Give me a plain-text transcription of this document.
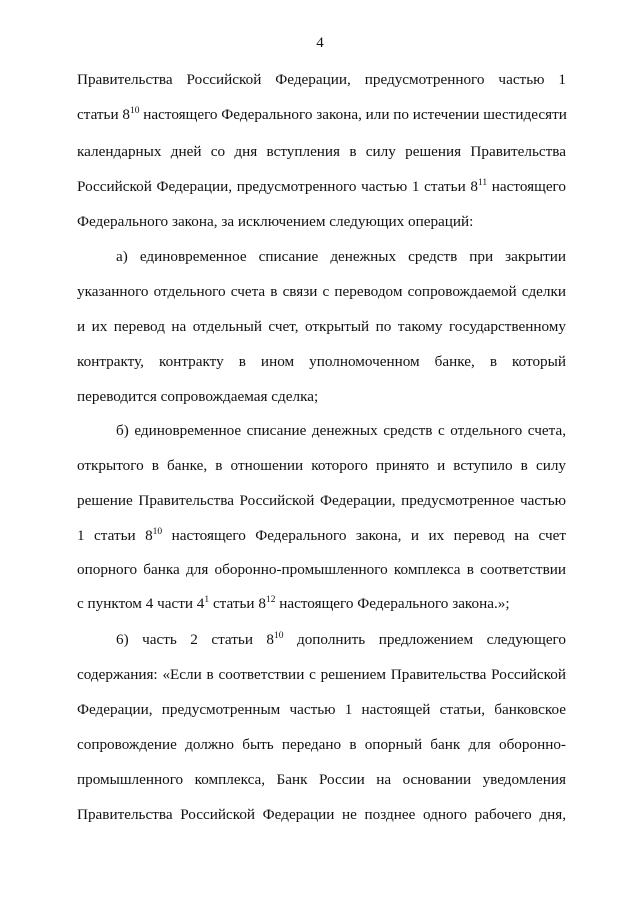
4
Правительства Российской Федерации, предусмотренного частью 1
статьи $8^{10}$ настоящего Федерального закона, или по истечении шестидесяти
календарных дней со дня вступления в силу решения Правительства
Российской Федерации, предусмотренного частью 1 статьи $8^{11}$ настоящего
Федерального закона, за исключением следующих операций:
а) единовременное списание денежных средств при закрытии
указанного отдельного счета в связи с переводом сопровождаемой сделки
и их перевод на отдельный счет, открытый по такому государственному
контракту, контракту в ином уполномоченном банке, в который
переводится сопровождаемая сделка;
б) единовременное списание денежных средств с отдельного счета,
открытого в банке, в отношении которого принято и вступило в силу
решение Правительства Российской Федерации, предусмотренное частью
1 статьи $8^{10}$ настоящего Федерального закона, и их перевод на счет
опорного банка для оборонно-промышленного комплекса в соответствии
с пунктом 4 части $4^1$ статьи $8^{12}$ настоящего Федерального закона.»;
6) часть 2 статьи $8^{10}$ дополнить предложением следующего
содержания: «Если в соответствии с решением Правительства Российской
Федерации, предусмотренным частью 1 настоящей статьи, банковское
сопровождение должно быть передано в опорный банк для оборонно-
промышленного комплекса, Банк России на основании уведомления
Правительства Российской Федерации не позднее одного рабочего дня,
